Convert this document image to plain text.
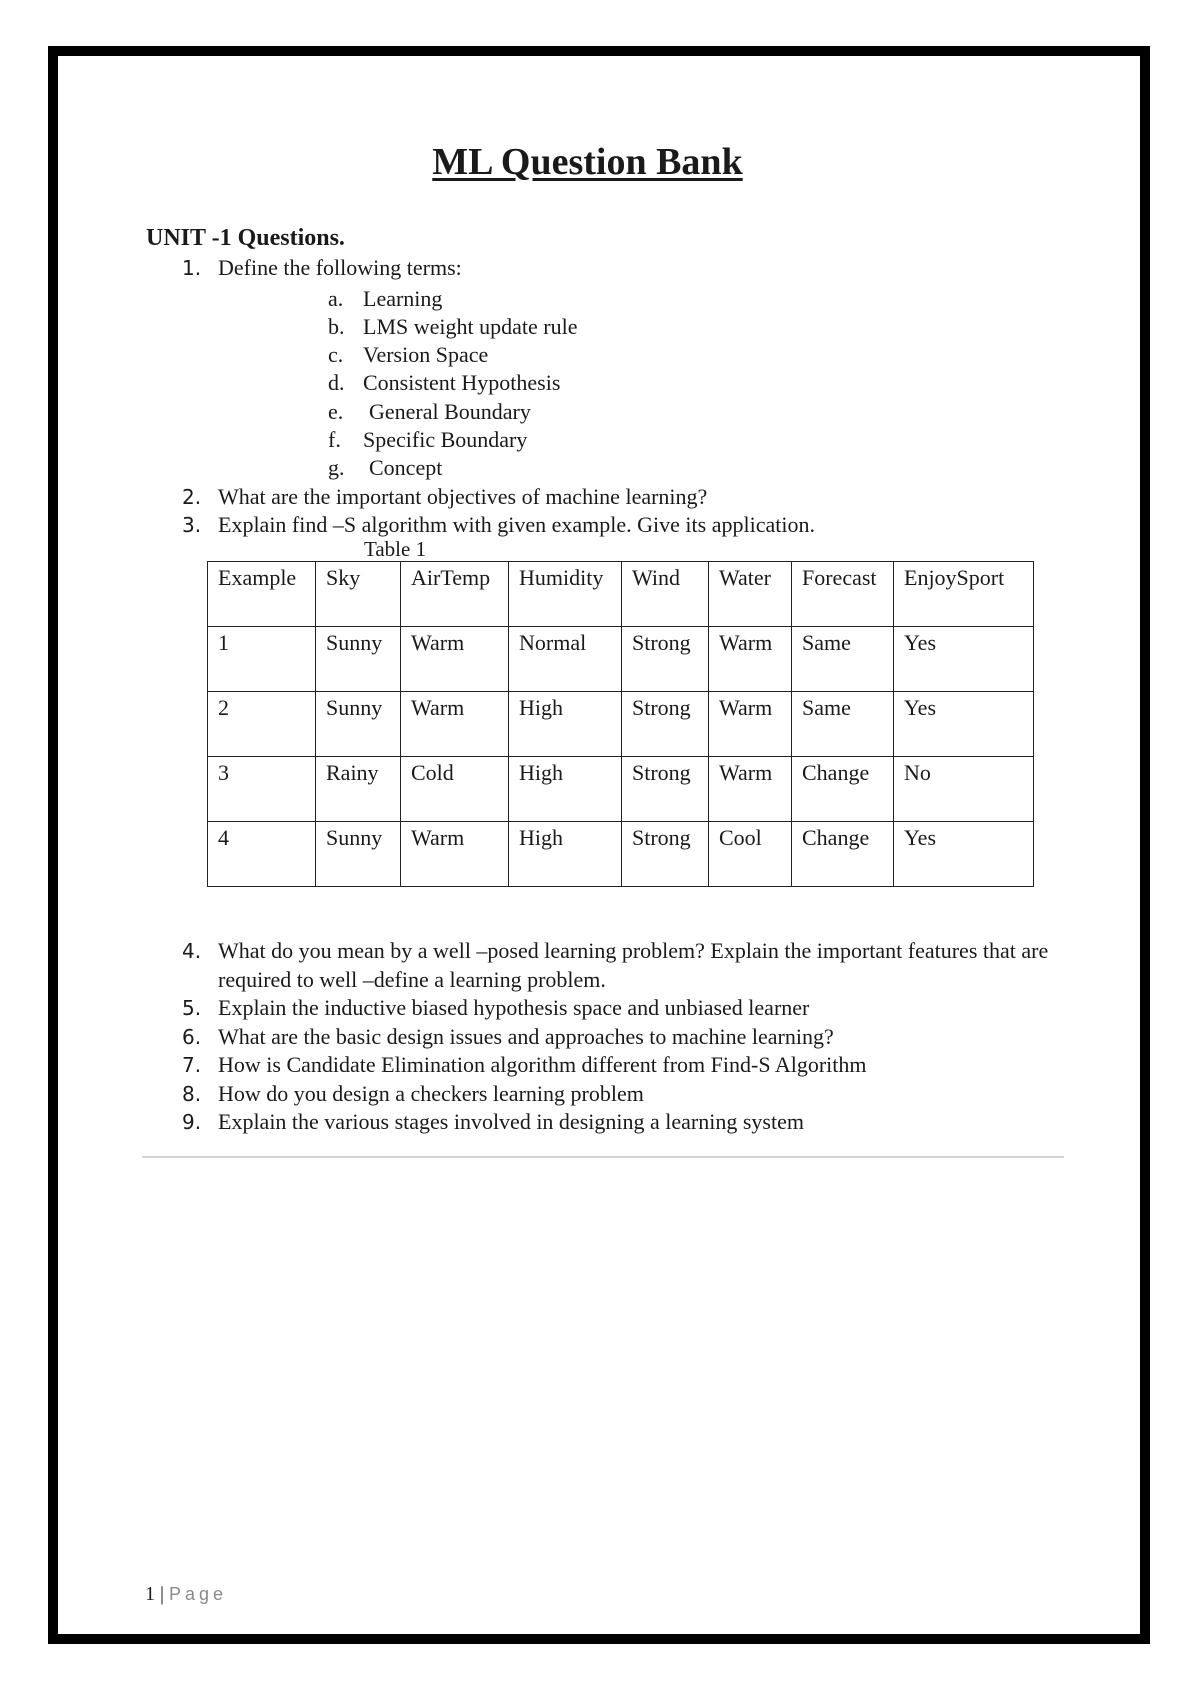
ML Question Bank
UNIT -1 Questions.
1. Define the following terms:
a. Learning
b. LMS weight update rule
c. Version Space
d. Consistent Hypothesis
e. General Boundary
f. Specific Boundary
g. Concept
2. What are the important objectives of machine learning?
3. Explain find –S algorithm with given example. Give its application.
Table 1
Example	Sky	AirTemp	Humidity	Wind	Water	Forecast	EnjoySport
1	Sunny	Warm	Normal	Strong	Warm	Same	Yes
2	Sunny	Warm	High	Strong	Warm	Same	Yes
3	Rainy	Cold	High	Strong	Warm	Change	No
4	Sunny	Warm	High	Strong	Cool	Change	Yes
4. What do you mean by a well –posed learning problem? Explain the important features that are required to well –define a learning problem.
5. Explain the inductive biased hypothesis space and unbiased learner
6. What are the basic design issues and approaches to machine learning?
7. How is Candidate Elimination algorithm different from Find-S Algorithm
8. How do you design a checkers learning problem
9. Explain the various stages involved in designing a learning system
1 | Page
